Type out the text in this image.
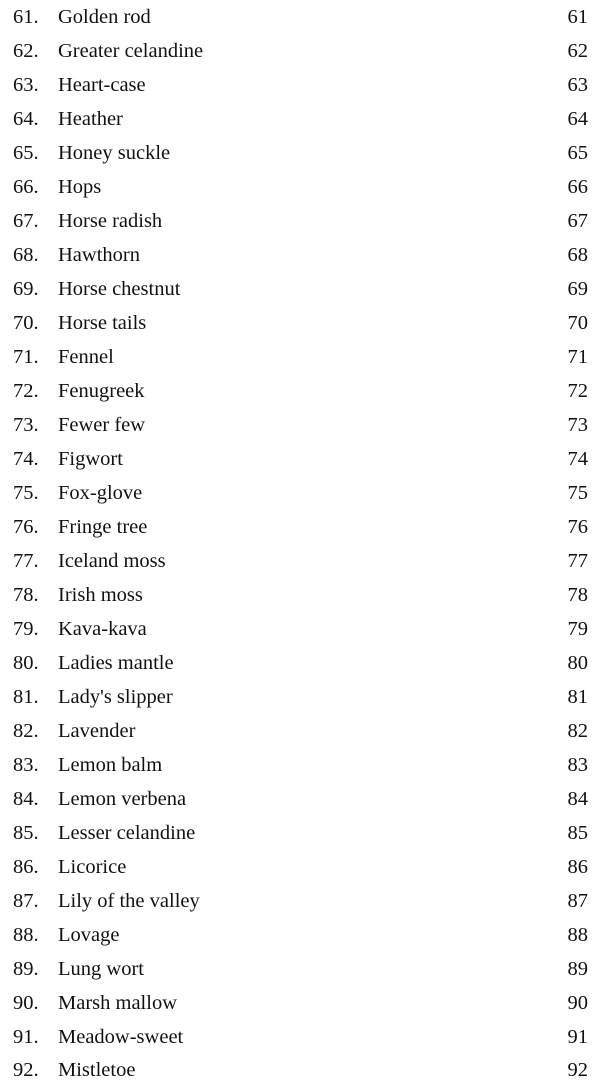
61. Golden rod	61
62. Greater celandine	62
63. Heart-case	63
64. Heather	64
65. Honey suckle	65
66. Hops	66
67. Horse radish	67
68. Hawthorn	68
69. Horse chestnut	69
70. Horse tails	70
71. Fennel	71
72. Fenugreek	72
73. Fewer few	73
74. Figwort	74
75. Fox-glove	75
76. Fringe tree	76
77. Iceland moss	77
78. Irish moss	78
79. Kava-kava	79
80. Ladies mantle	80
81. Lady's slipper	81
82. Lavender	82
83. Lemon balm	83
84. Lemon verbena	84
85. Lesser celandine	85
86. Licorice	86
87. Lily of the valley	87
88. Lovage	88
89. Lung wort	89
90. Marsh mallow	90
91. Meadow-sweet	91
92. Mistletoe	92
